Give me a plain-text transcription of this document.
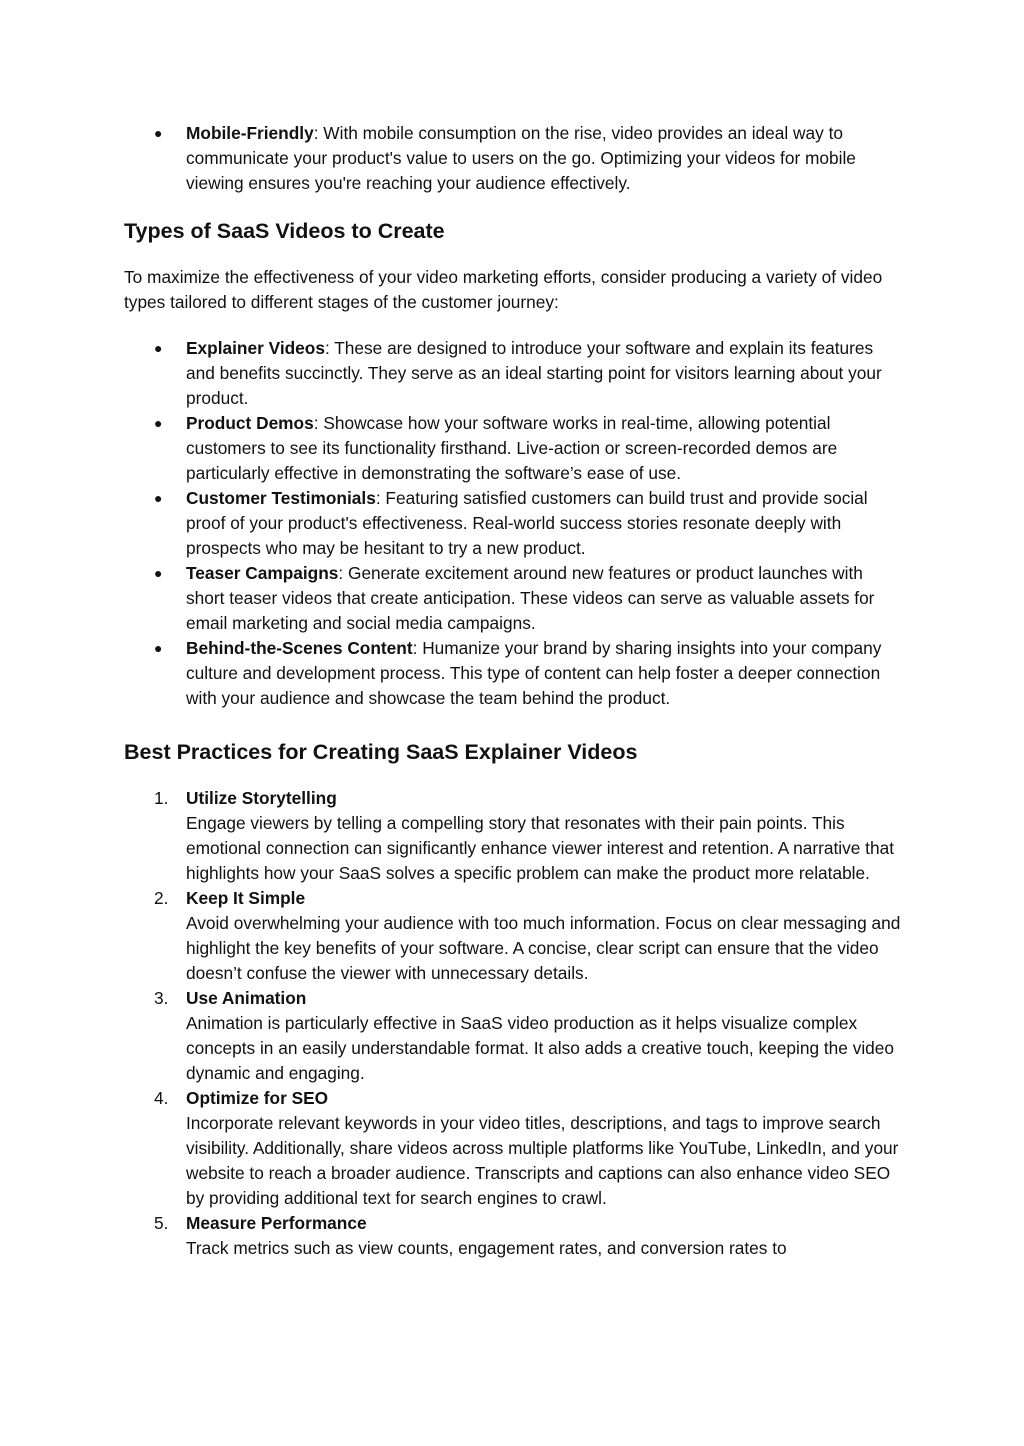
● Mobile-Friendly: With mobile consumption on the rise, video provides an ideal way to communicate your product's value to users on the go. Optimizing your videos for mobile viewing ensures you're reaching your audience effectively.
Types of SaaS Videos to Create

To maximize the effectiveness of your video marketing efforts, consider producing a variety of video types tailored to different stages of the customer journey:

● Explainer Videos: These are designed to introduce your software and explain its features and benefits succinctly. They serve as an ideal starting point for visitors learning about your product.
● Product Demos: Showcase how your software works in real-time, allowing potential customers to see its functionality firsthand. Live-action or screen-recorded demos are particularly effective in demonstrating the software’s ease of use.
● Customer Testimonials: Featuring satisfied customers can build trust and provide social proof of your product's effectiveness. Real-world success stories resonate deeply with prospects who may be hesitant to try a new product.
● Teaser Campaigns: Generate excitement around new features or product launches with short teaser videos that create anticipation. These videos can serve as valuable assets for email marketing and social media campaigns.
● Behind-the-Scenes Content: Humanize your brand by sharing insights into your company culture and development process. This type of content can help foster a deeper connection with your audience and showcase the team behind the product.
Best Practices for Creating SaaS Explainer Videos
1. Utilize Storytelling
Engage viewers by telling a compelling story that resonates with their pain points. This emotional connection can significantly enhance viewer interest and retention. A narrative that highlights how your SaaS solves a specific problem can make the product more relatable.
2. Keep It Simple
Avoid overwhelming your audience with too much information. Focus on clear messaging and highlight the key benefits of your software. A concise, clear script can ensure that the video doesn’t confuse the viewer with unnecessary details.
3. Use Animation
Animation is particularly effective in SaaS video production as it helps visualize complex concepts in an easily understandable format. It also adds a creative touch, keeping the video dynamic and engaging.
4. Optimize for SEO
Incorporate relevant keywords in your video titles, descriptions, and tags to improve search visibility. Additionally, share videos across multiple platforms like YouTube, LinkedIn, and your website to reach a broader audience. Transcripts and captions can also enhance video SEO by providing additional text for search engines to crawl.
5. Measure Performance
Track metrics such as view counts, engagement rates, and conversion rates to
